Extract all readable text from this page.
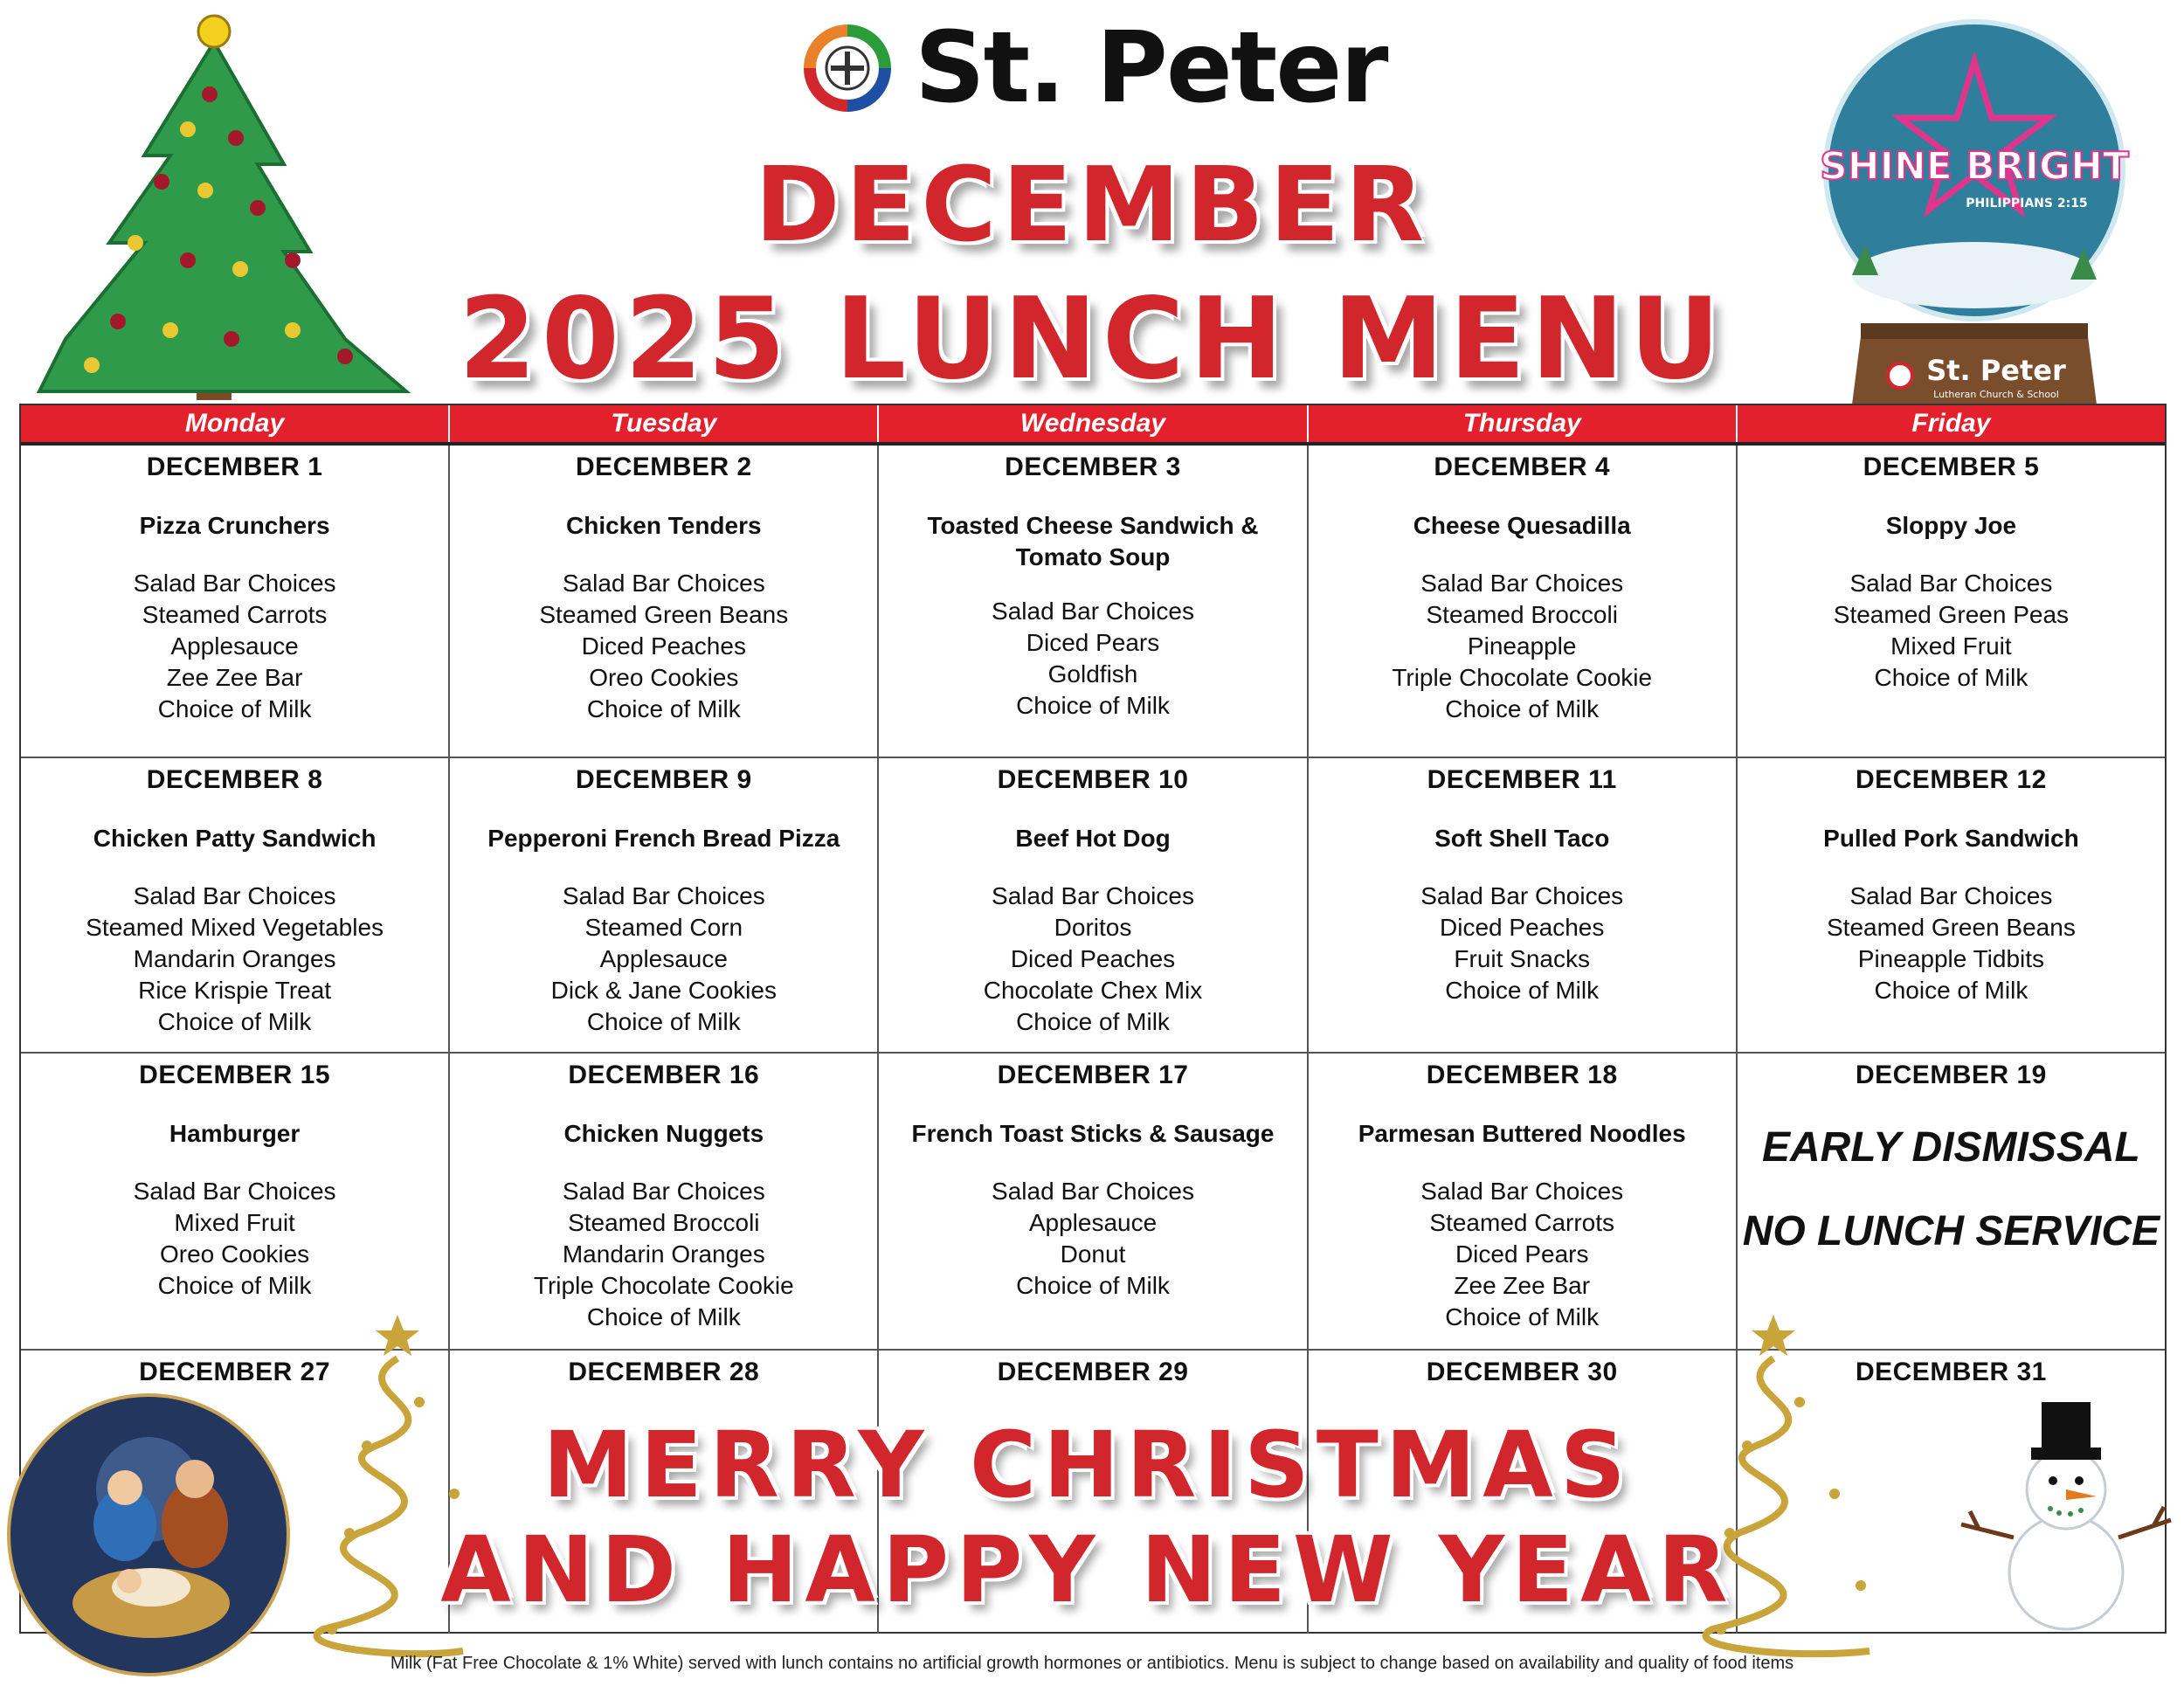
St. Peter
DECEMBER
2025 LUNCH MENU
SHINE BRIGHT
PHILIPPIANS 2:15
St. Peter
Lutheran Church & School
Monday	Tuesday	Wednesday	Thursday	Friday
DECEMBER 1
Pizza Crunchers
Salad Bar Choices
Steamed Carrots
Applesauce
Zee Zee Bar
Choice of Milk
DECEMBER 2
Chicken Tenders
Salad Bar Choices
Steamed Green Beans
Diced Peaches
Oreo Cookies
Choice of Milk
DECEMBER 3
Toasted Cheese Sandwich & Tomato Soup
Salad Bar Choices
Diced Pears
Goldfish
Choice of Milk
DECEMBER 4
Cheese Quesadilla
Salad Bar Choices
Steamed Broccoli
Pineapple
Triple Chocolate Cookie
Choice of Milk
DECEMBER 5
Sloppy Joe
Salad Bar Choices
Steamed Green Peas
Mixed Fruit
Choice of Milk
DECEMBER 8
Chicken Patty Sandwich
Salad Bar Choices
Steamed Mixed Vegetables
Mandarin Oranges
Rice Krispie Treat
Choice of Milk
DECEMBER 9
Pepperoni French Bread Pizza
Salad Bar Choices
Steamed Corn
Applesauce
Dick & Jane Cookies
Choice of Milk
DECEMBER 10
Beef Hot Dog
Salad Bar Choices
Doritos
Diced Peaches
Chocolate Chex Mix
Choice of Milk
DECEMBER 11
Soft Shell Taco
Salad Bar Choices
Diced Peaches
Fruit Snacks
Choice of Milk
DECEMBER 12
Pulled Pork Sandwich
Salad Bar Choices
Steamed Green Beans
Pineapple Tidbits
Choice of Milk
DECEMBER 15
Hamburger
Salad Bar Choices
Mixed Fruit
Oreo Cookies
Choice of Milk
DECEMBER 16
Chicken Nuggets
Salad Bar Choices
Steamed Broccoli
Mandarin Oranges
Triple Chocolate Cookie
Choice of Milk
DECEMBER 17
French Toast Sticks & Sausage
Salad Bar Choices
Applesauce
Donut
Choice of Milk
DECEMBER 18
Parmesan Buttered Noodles
Salad Bar Choices
Steamed Carrots
Diced Pears
Zee Zee Bar
Choice of Milk
DECEMBER 19
EARLY DISMISSAL
NO LUNCH SERVICE
DECEMBER 27	DECEMBER 28	DECEMBER 29	DECEMBER 30	DECEMBER 31
MERRY CHRISTMAS
AND HAPPY NEW YEAR
Milk (Fat Free Chocolate & 1% White) served with lunch contains no artificial growth hormones or antibiotics. Menu is subject to change based on availability and quality of food items
